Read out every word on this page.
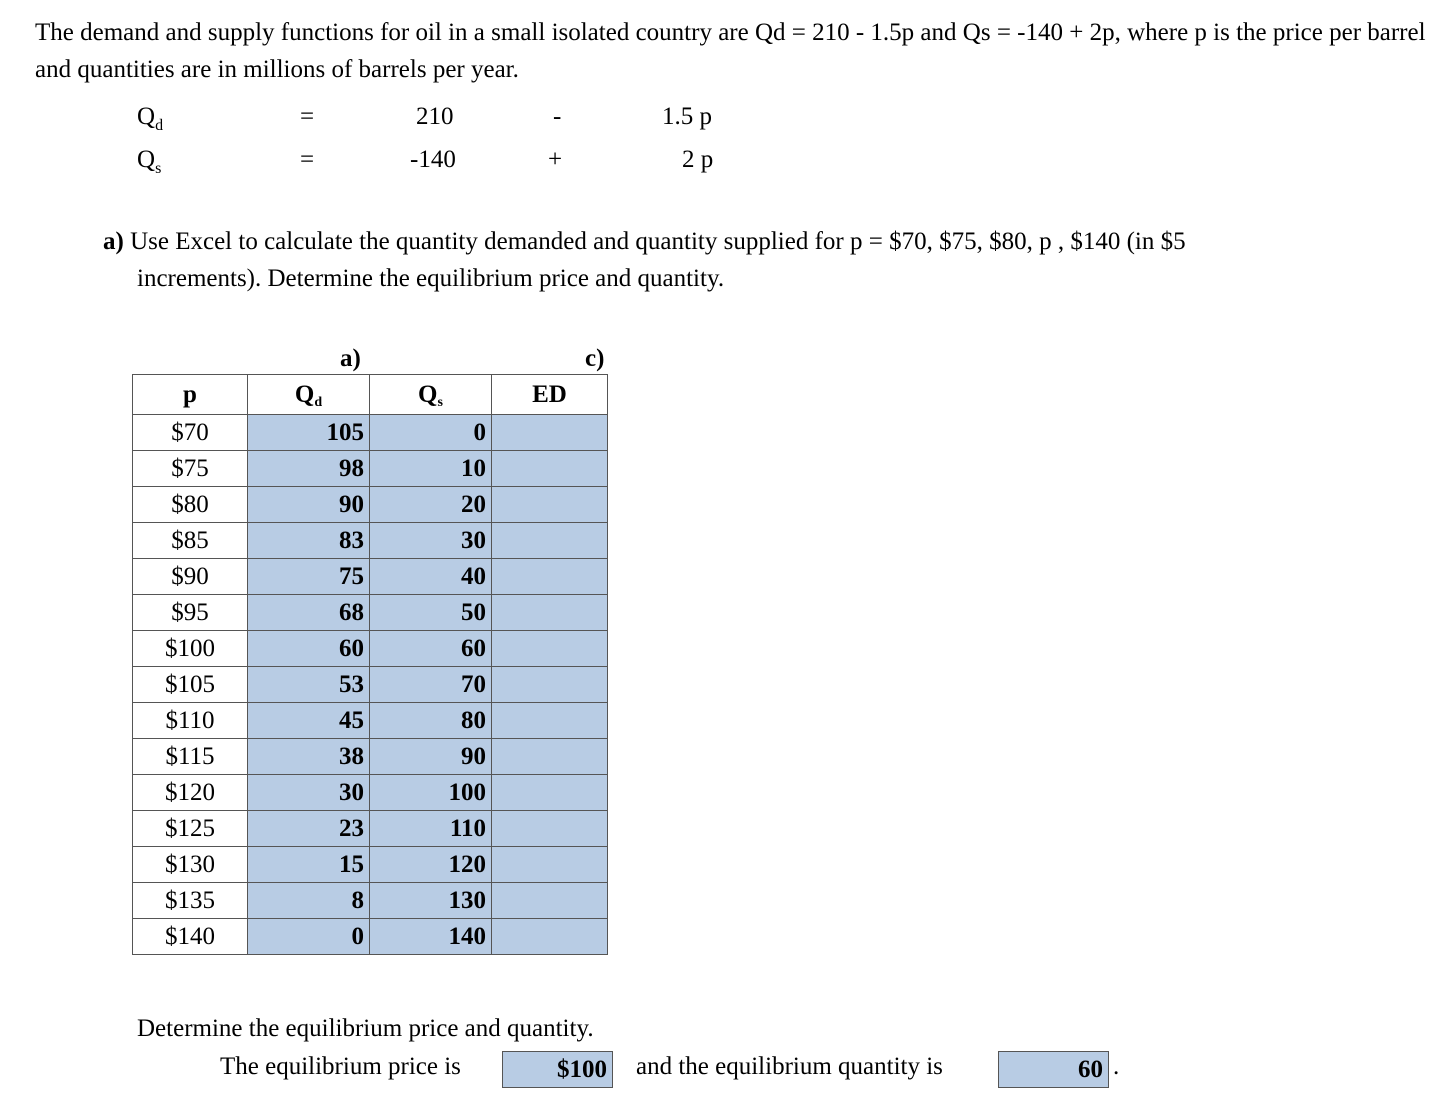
The demand and supply functions for oil in a small isolated country are Qd = 210 - 1.5p and Qs = -140 + 2p, where p is the price per barrel and quantities are in millions of barrels per year.
$Q_d$	=	210	-	1.5 p
$Q_s$	=	-140	+	2 p
a) Use Excel to calculate the quantity demanded and quantity supplied for p = $70, $75, $80, p , $140 (in $5
increments). Determine the equilibrium price and quantity.
a)	c)
p	Qd	Qs	ED
$70	105	0	
$75	98	10	
$80	90	20	
$85	83	30	
$90	75	40	
$95	68	50	
$100	60	60	
$105	53	70	
$110	45	80	
$115	38	90	
$120	30	100	
$125	23	110	
$130	15	120	
$135	8	130	
$140	0	140	
Determine the equilibrium price and quantity.
The equilibrium price is	$100 and the equilibrium quantity is	60 .
